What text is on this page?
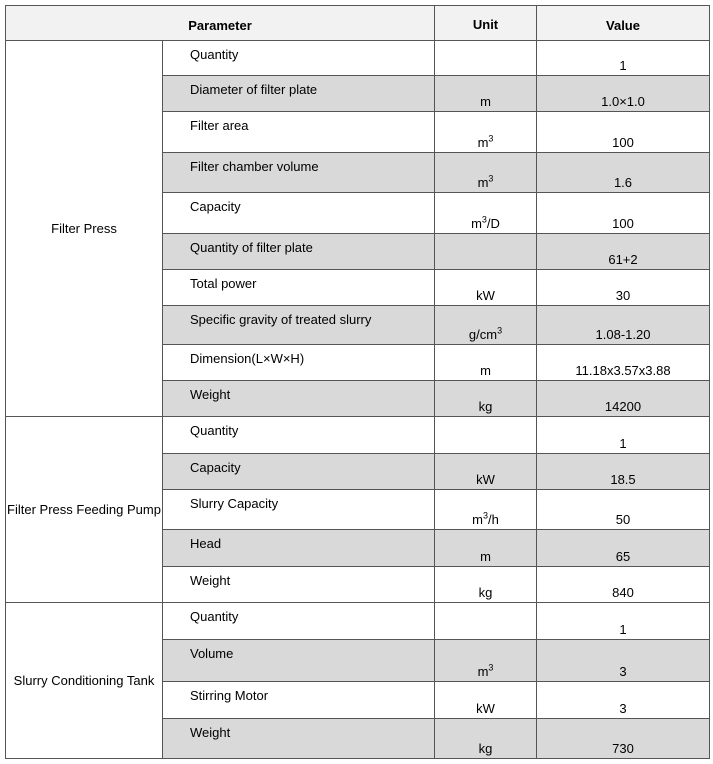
Parameter		Unit	Value

Filter Press	Quantity		1

	Diameter of filter plate	m	1.0×1.0

	Filter area	$m^3$	100

	Filter chamber volume	$m^3$	1.6

	Capacity	$m^3/D$	100

	Quantity of filter plate		61+2

	Total power	kW	30

	Specific gravity of treated slurry	$g/cm^3$	1.08-1.20

	Dimension(L×W×H)	m	11.18x3.57x3.88

	Weight	kg	14200

Filter Press Feeding Pump	Quantity		1

	Capacity	kW	18.5

	Slurry Capacity	$m^3/h$	50

	Head	m	65

	Weight	kg	840

Slurry Conditioning Tank	Quantity		1

	Volume	$m^3$	3

	Stirring Motor	kW	3

	Weight	kg	730
